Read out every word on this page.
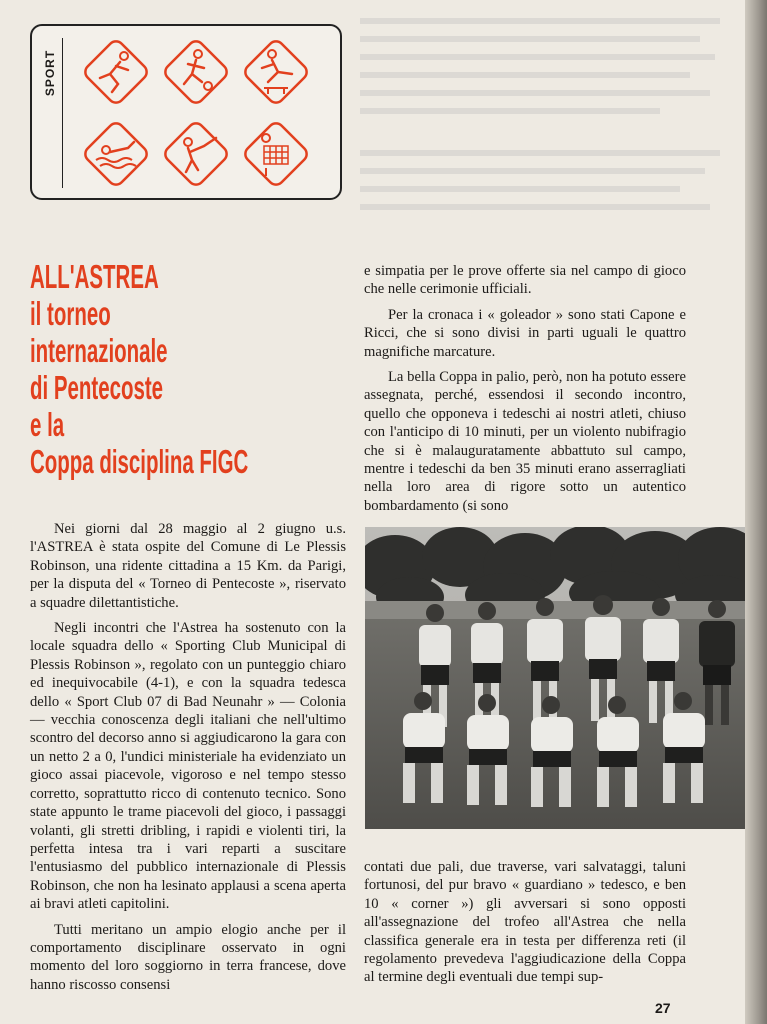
SPORT
ALL'ASTREA
il torneo
internazionale
di Pentecoste
e la
Coppa disciplina FIGC

e simpatia per le prove offerte sia nel campo di gioco che nelle cerimonie ufficiali.

Per la cronaca i « goleador » sono stati Capone e Ricci, che si sono divisi in parti uguali le quattro magnifiche marcature.

La bella Coppa in palio, però, non ha potuto essere assegnata, perché, essendosi il secondo incontro, quello che opponeva i tedeschi ai nostri atleti, chiuso con l'anticipo di 10 minuti, per un violento nubifragio che si è malauguratamente abbattuto sul campo, mentre i tedeschi da ben 35 minuti erano asserragliati nella loro area di rigore sotto un autentico bombardamento (si sono

Nei giorni dal 28 maggio al 2 giugno u.s. l'ASTREA è stata ospite del Comune di Le Plessis Robinson, una ridente cittadina a 15 Km. da Parigi, per la disputa del « Torneo di Pentecoste », riservato a squadre dilettantistiche.

Negli incontri che l'Astrea ha sostenuto con la locale squadra dello « Sporting Club Municipal di Plessis Robinson », regolato con un punteggio chiaro ed inequivocabile (4-1), e con la squadra tedesca dello « Sport Club 07 di Bad Neunahr » — Colonia — vecchia conoscenza degli italiani che nell'ultimo scontro del decorso anno si aggiudicarono la gara con un netto 2 a 0, l'undici ministeriale ha evidenziato un gioco assai piacevole, vigoroso e nel tempo stesso corretto, soprattutto ricco di contenuto tecnico. Sono state appunto le trame piacevoli del gioco, i passaggi volanti, gli stretti dribling, i rapidi e violenti tiri, la perfetta intesa tra i vari reparti a suscitare l'entusiasmo del pubblico internazionale di Plessis Robinson, che non ha lesinato applausi a scena aperta ai bravi atleti capitolini.

Tutti meritano un ampio elogio anche per il comportamento disciplinare osservato in ogni momento del loro soggiorno in terra francese, dove hanno riscosso consensi

contati due pali, due traverse, vari salvataggi, taluni fortunosi, del pur bravo « guardiano » tedesco, e ben 10 « corner ») gli avversari si sono opposti all'assegnazione del trofeo all'Astrea che nella classifica generale era in testa per differenza reti (il regolamento prevedeva l'aggiudicazione della Coppa al termine degli eventuali due tempi sup-

27
